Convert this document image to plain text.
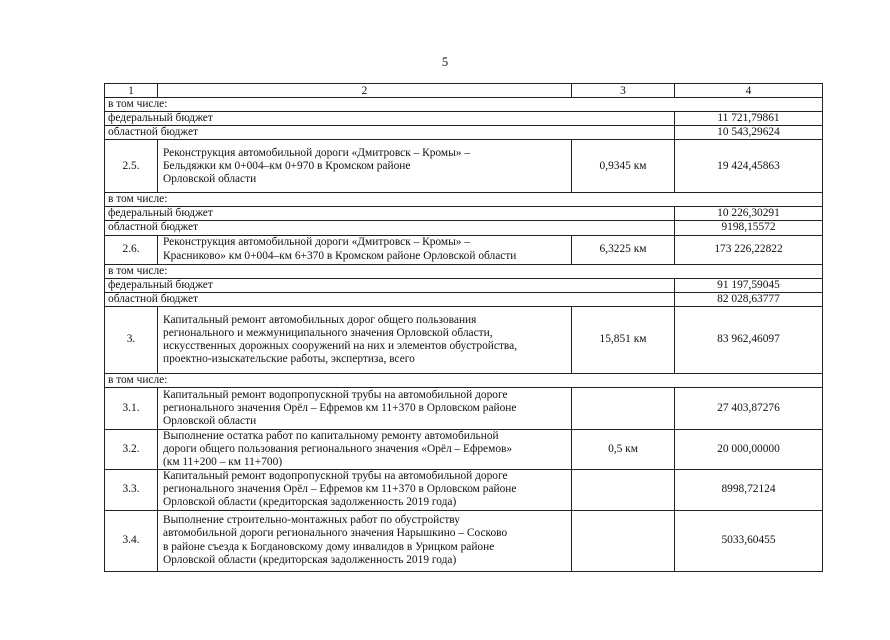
5
1	2	3	4
в том числе:			
федеральный бюджет			11 721,79861
областной бюджет			10 543,29624
2.5.	Реконструкция автомобильной дороги «Дмитровск – Кромы» –
Бельдяжки км 0+004–км 0+970 в Кромском районе
Орловской области	0,9345 км	19 424,45863
в том числе:			
федеральный бюджет			10 226,30291
областной бюджет			9198,15572
2.6.	Реконструкция автомобильной дороги «Дмитровск – Кромы» –
Красниково» км 0+004–км 6+370 в Кромском районе Орловской области	6,3225 км	173 226,22822
в том числе:			
федеральный бюджет			91 197,59045
областной бюджет			82 028,63777
3.	Капитальный ремонт автомобильных дорог общего пользования
регионального и межмуниципального значения Орловской области,
искусственных дорожных сооружений на них и элементов обустройства,
проектно-изыскательские работы, экспертиза, всего	15,851 км	83 962,46097
в том числе:			
3.1.	Капитальный ремонт водопропускной трубы на автомобильной дороге
регионального значения Орёл – Ефремов км 11+370 в Орловском районе
Орловской области		27 403,87276
3.2.	Выполнение остатка работ по капитальному ремонту автомобильной
дороги общего пользования регионального значения «Орёл – Ефремов»
(км 11+200 – км 11+700)	0,5 км	20 000,00000
3.3.	Капитальный ремонт водопропускной трубы на автомобильной дороге
регионального значения Орёл – Ефремов км 11+370 в Орловском районе
Орловской области (кредиторская задолженность 2019 года)		8998,72124
3.4.	Выполнение строительно-монтажных работ по обустройству
автомобильной дороги регионального значения Нарышкино – Сосково
в районе съезда к Богдановскому дому инвалидов в Урицком районе
Орловской области (кредиторская задолженность 2019 года)		5033,60455
